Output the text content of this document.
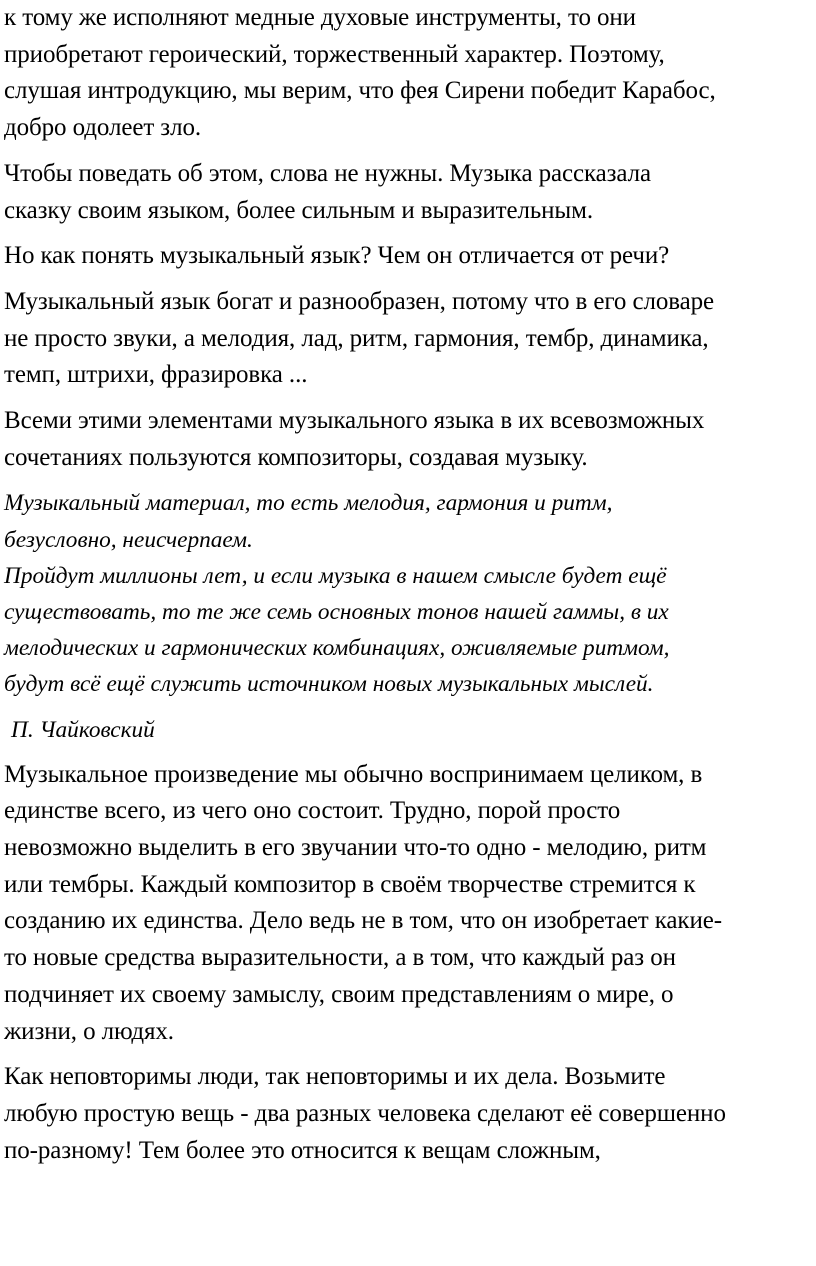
к тому же исполняют медные духовые инструменты, то они
приобретают героический, торжественный характер. Поэтому,
слушая интродукцию, мы верим, что фея Сирени победит Карабос,
добро одолеет зло.

Чтобы поведать об этом, слова не нужны. Музыка рассказала
сказку своим языком, более сильным и выразительным.

Но как понять музыкальный язык? Чем он отличается от речи?

Музыкальный язык богат и разнообразен, потому что в его словаре
не просто звуки, а мелодия, лад, ритм, гармония, тембр, динамика,
темп, штрихи, фразировка ...

Всеми этими элементами музыкального языка в их всевозможных
сочетаниях пользуются композиторы, создавая музыку.

Музыкальный материал, то есть мелодия, гармония и ритм,
безусловно, неисчерпаем.
Пройдут миллионы лет, и если музыка в нашем смысле будет ещё
существовать, то те же семь основных тонов нашей гаммы, в их
мелодических и гармонических комбинациях, оживляемые ритмом,
будут всё ещё служить источником новых музыкальных мыслей.

П. Чайковский

Музыкальное произведение мы обычно воспринимаем целиком, в
единстве всего, из чего оно состоит. Трудно, порой просто
невозможно выделить в его звучании что-то одно - мелодию, ритм
или тембры. Каждый композитор в своём творчестве стремится к
созданию их единства. Дело ведь не в том, что он изобретает какие-
то новые средства выразительности, а в том, что каждый раз он
подчиняет их своему замыслу, своим представлениям о мире, о
жизни, о людях.

Как неповторимы люди, так неповторимы и их дела. Возьмите
любую простую вещь - два разных человека сделают её совершенно
по-разному! Тем более это относится к вещам сложным,
